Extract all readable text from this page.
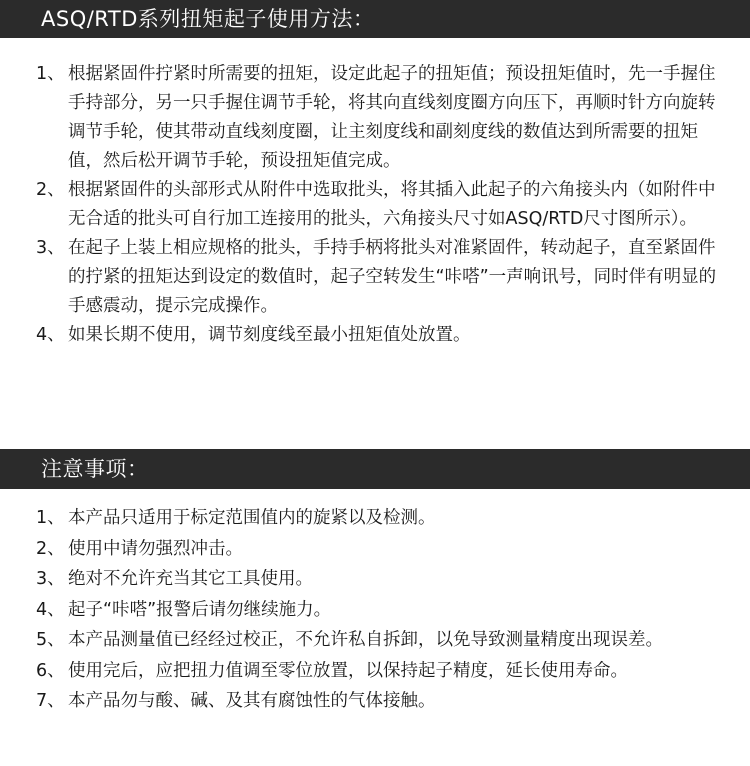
ASQ/RTD系列扭矩起子使用方法：
1、 根据紧固件拧紧时所需要的扭矩，设定此起子的扭矩值；预设扭矩值时，先一手握住手持部分，另一只手握住调节手轮，将其向直线刻度圈方向压下，再顺时针方向旋转调节手轮，使其带动直线刻度圈，让主刻度线和副刻度线的数值达到所需要的扭矩值，然后松开调节手轮，预设扭矩值完成。
2、 根据紧固件的头部形式从附件中选取批头，将其插入此起子的六角接头内（如附件中无合适的批头可自行加工连接用的批头，六角接头尺寸如ASQ/RTD尺寸图所示）。
3、 在起子上装上相应规格的批头，手持手柄将批头对准紧固件，转动起子，直至紧固件的拧紧的扭矩达到设定的数值时，起子空转发生“咔嗒”一声响讯号，同时伴有明显的手感震动，提示完成操作。
4、 如果长期不使用，调节刻度线至最小扭矩值处放置。
注意事项：
1、 本产品只适用于标定范围值内的旋紧以及检测。
2、 使用中请勿强烈冲击。
3、 绝对不允许充当其它工具使用。
4、 起子“咔嗒”报警后请勿继续施力。
5、 本产品测量值已经经过校正，不允许私自拆卸，以免导致测量精度出现误差。
6、 使用完后，应把扭力值调至零位放置，以保持起子精度，延长使用寿命。
7、 本产品勿与酸、碱、及其有腐蚀性的气体接触。
